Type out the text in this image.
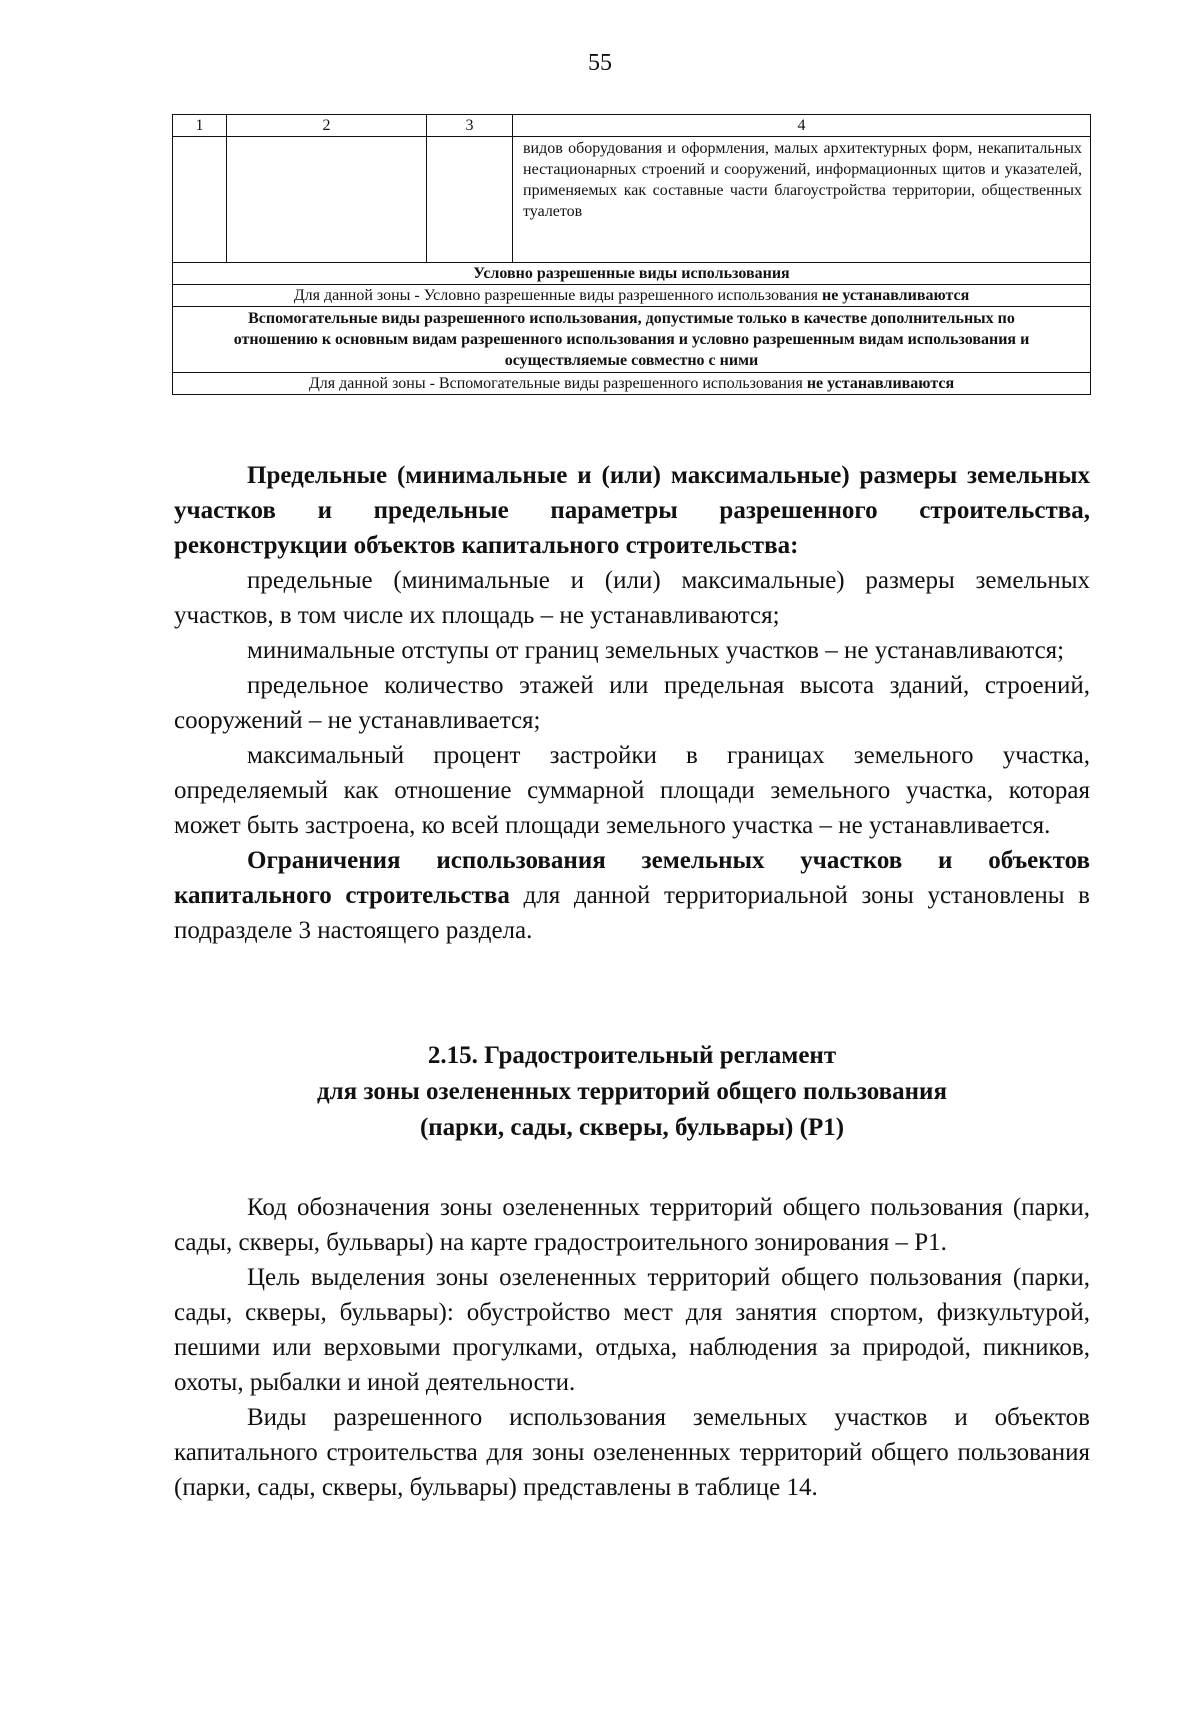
55
1	2	3	4
			видов оборудования и оформления, малых архитектурных форм, некапитальных нестационарных строений и сооружений, информационных щитов и указателей, применяемых как составные части благоустройства территории, общественных туалетов
Условно разрешенные виды использования			
Для данной зоны - Условно разрешенные виды разрешенного использования не устанавливаются			
Вспомогательные виды разрешенного использования, допустимые только в качестве дополнительных по отношению к основным видам разрешенного использования и условно разрешенным видам использования и осуществляемые совместно с ними			
Для данной зоны - Вспомогательные виды разрешенного использования не устанавливаются			

Предельные (минимальные и (или) максимальные) размеры земельных участков и предельные параметры разрешенного строительства, реконструкции объектов капитального строительства:

предельные (минимальные и (или) максимальные) размеры земельных участков, в том числе их площадь – не устанавливаются;

минимальные отступы от границ земельных участков – не устанавливаются;

предельное количество этажей или предельная высота зданий, строений, сооружений – не устанавливается;

максимальный процент застройки в границах земельного участка, определяемый как отношение суммарной площади земельного участка, которая может быть застроена, ко всей площади земельного участка – не устанавливается.

Ограничения использования земельных участков и объектов капитального строительства для данной территориальной зоны установлены в подразделе 3 настоящего раздела.

2.15. Градостроительный регламент
для зоны озелененных территорий общего пользования
(парки, сады, скверы, бульвары) (Р1)

Код обозначения зоны озелененных территорий общего пользования (парки, сады, скверы, бульвары) на карте градостроительного зонирования – Р1.

Цель выделения зоны озелененных территорий общего пользования (парки, сады, скверы, бульвары): обустройство мест для занятия спортом, физкультурой, пешими или верховыми прогулками, отдыха, наблюдения за природой, пикников, охоты, рыбалки и иной деятельности.

Виды разрешенного использования земельных участков и объектов капитального строительства для зоны озелененных территорий общего пользования (парки, сады, скверы, бульвары) представлены в таблице 14.
